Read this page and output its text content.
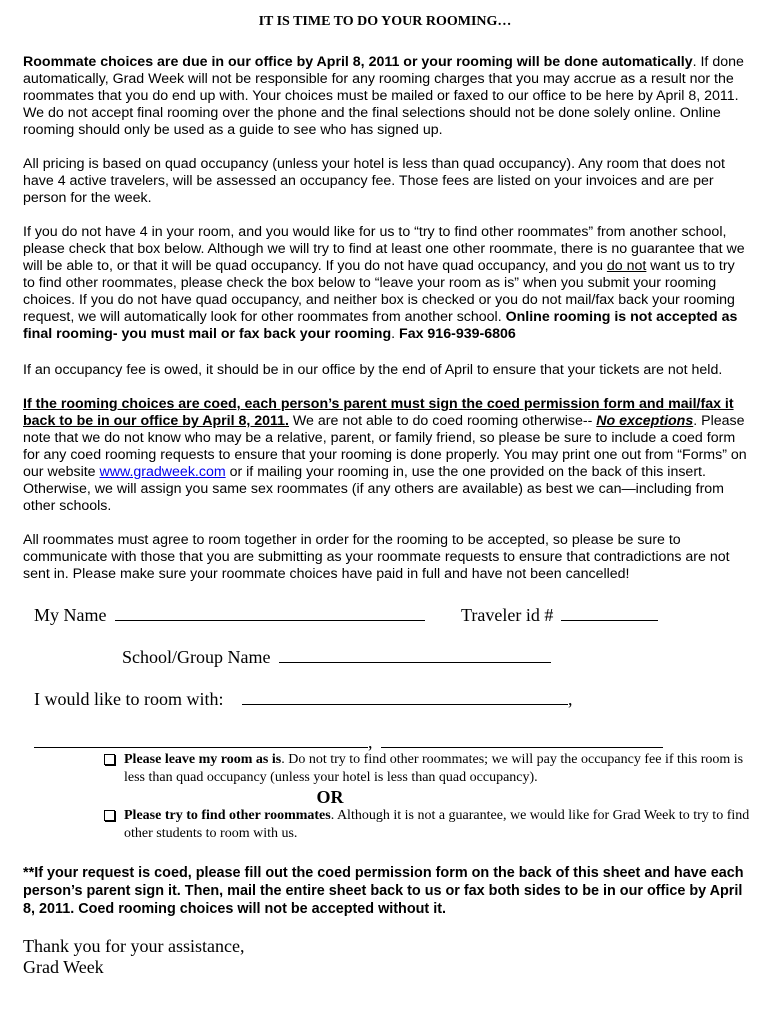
IT IS TIME TO DO YOUR ROOMING…

Roommate choices are due in our office by April 8, 2011 or your rooming will be done automatically. If done automatically, Grad Week will not be responsible for any rooming charges that you may accrue as a result nor the roommates that you do end up with. Your choices must be mailed or faxed to our office to be here by April 8, 2011. We do not accept final rooming over the phone and the final selections should not be done solely online. Online rooming should only be used as a guide to see who has signed up.

All pricing is based on quad occupancy (unless your hotel is less than quad occupancy). Any room that does not have 4 active travelers, will be assessed an occupancy fee. Those fees are listed on your invoices and are per person for the week.

If you do not have 4 in your room, and you would like for us to “try to find other roommates” from another school, please check that box below. Although we will try to find at least one other roommate, there is no guarantee that we will be able to, or that it will be quad occupancy. If you do not have quad occupancy, and you do not want us to try to find other roommates, please check the box below to “leave your room as is” when you submit your rooming choices. If you do not have quad occupancy, and neither box is checked or you do not mail/fax back your rooming request, we will automatically look for other roommates from another school. Online rooming is not accepted as final rooming- you must mail or fax back your rooming. Fax 916-939-6806

If an occupancy fee is owed, it should be in our office by the end of April to ensure that your tickets are not held.

If the rooming choices are coed, each person’s parent must sign the coed permission form and mail/fax it back to be in our office by April 8, 2011. We are not able to do coed rooming otherwise-- No exceptions. Please note that we do not know who may be a relative, parent, or family friend, so please be sure to include a coed form for any coed rooming requests to ensure that your rooming is done properly. You may print one out from “Forms” on our website www.gradweek.com or if mailing your rooming in, use the one provided on the back of this insert. Otherwise, we will assign you same sex roommates (if any others are available) as best we can—including from other schools.

All roommates must agree to room together in order for the rooming to be accepted, so please be sure to communicate with those that you are submitting as your roommate requests to ensure that contradictions are not sent in. Please make sure your roommate choices have paid in full and have not been cancelled!

My Name	Traveler id #
School/Group Name
I would like to room with:	,
,
Please leave my room as is. Do not try to find other roommates; we will pay the occupancy fee if this room is less than quad occupancy (unless your hotel is less than quad occupancy).
OR
Please try to find other roommates. Although it is not a guarantee, we would like for Grad Week to try to find other students to room with us.

**If your request is coed, please fill out the coed permission form on the back of this sheet and have each person’s parent sign it. Then, mail the entire sheet back to us or fax both sides to be in our office by April 8, 2011. Coed rooming choices will not be accepted without it.

Thank you for your assistance,
Grad Week
